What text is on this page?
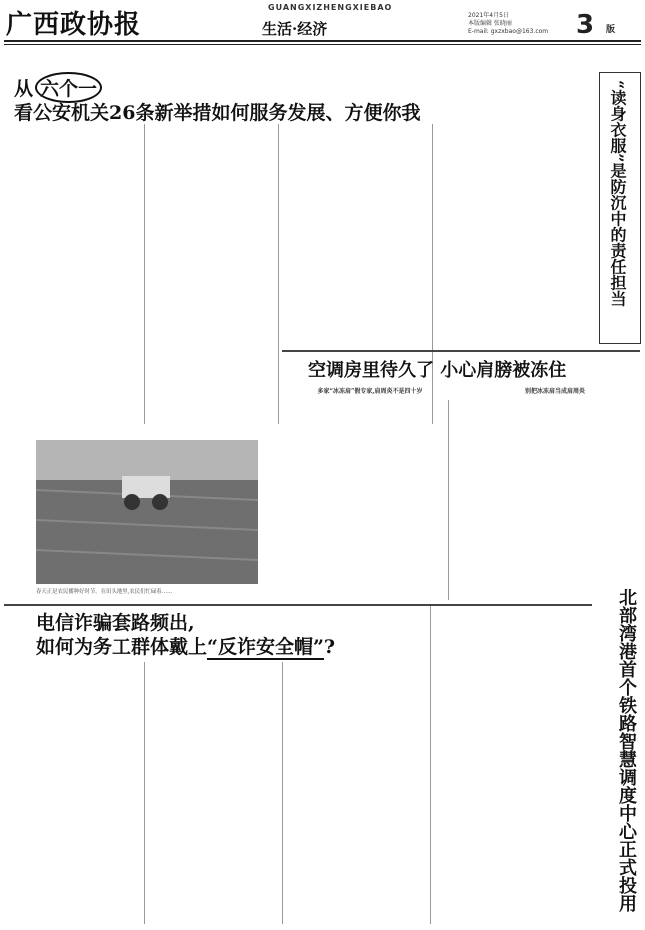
广西政协报
GUANGXIZHENGXIEBAO
生活·经济
2021年4月5日
本版编辑 张晓丽
E-mail: gxzxbao@163.com 3 版
从 六个一
看公安机关26条新举措如何服务发展、方便你我

	“读身衣服”是防沉中的责任担当
空调房里待久了 小心肩膀被冻住
多家“冰冻肩”假专家,肩周炎不是四十岁	别把冰冻肩当成肩周炎

春天正是农民播种好时节。在田头地里,农民们忙碌着……
电信诈骗套路频出,
如何为务工群体戴上“反诈安全帽”?

	北部湾港首个铁路智慧调度中心正式投用
